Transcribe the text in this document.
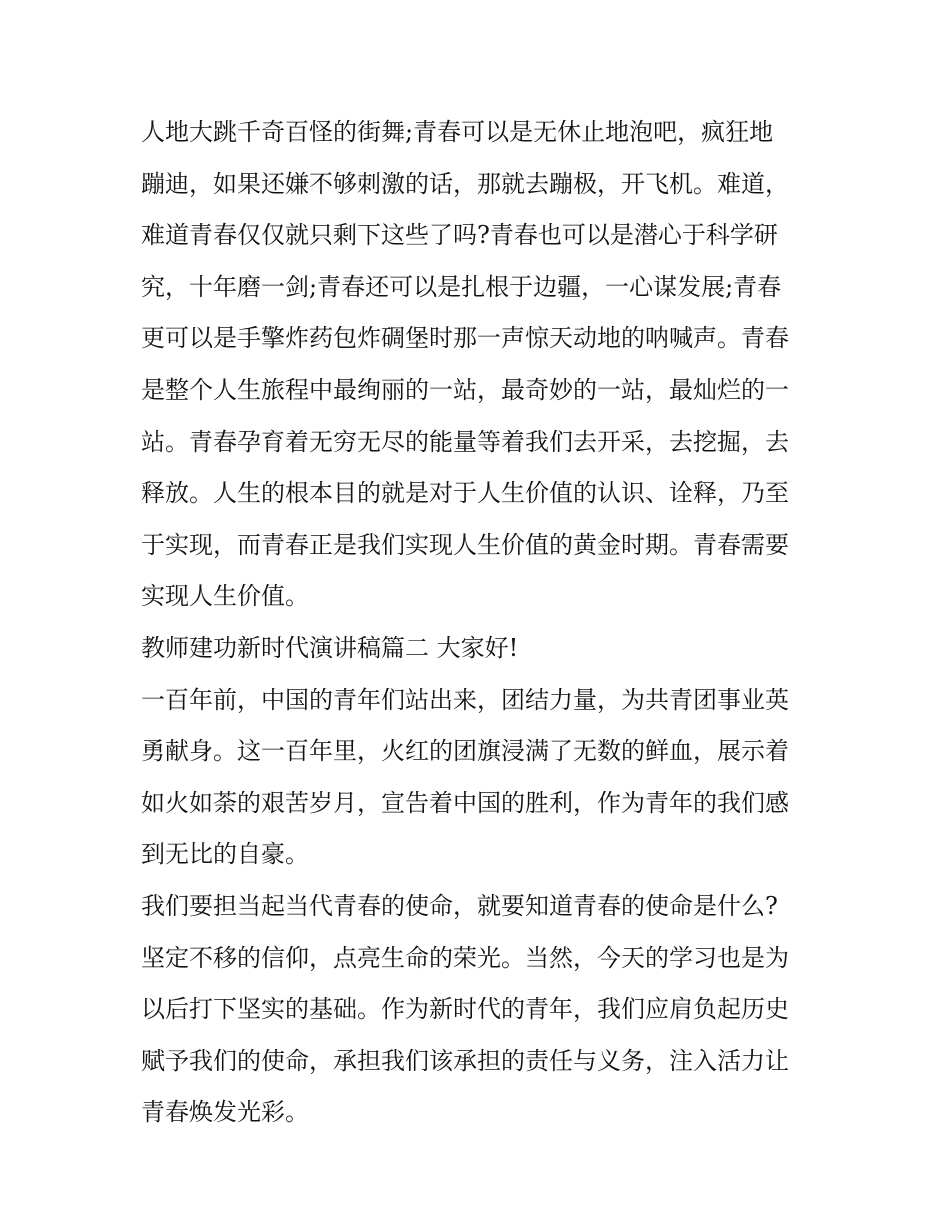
人地大跳千奇百怪的街舞;青春可以是无休止地泡吧，疯狂地
蹦迪，如果还嫌不够刺激的话，那就去蹦极，开飞机。难道，
难道青春仅仅就只剩下这些了吗?青春也可以是潜心于科学研
究，十年磨一剑;青春还可以是扎根于边疆，一心谋发展;青春
更可以是手擎炸药包炸碉堡时那一声惊天动地的呐喊声。青春
是整个人生旅程中最绚丽的一站，最奇妙的一站，最灿烂的一
站。青春孕育着无穷无尽的能量等着我们去开采，去挖掘，去
释放。人生的根本目的就是对于人生价值的认识、诠释，乃至
于实现，而青春正是我们实现人生价值的黄金时期。青春需要
实现人生价值。
教师建功新时代演讲稿篇二 大家好!
一百年前，中国的青年们站出来，团结力量，为共青团事业英
勇献身。这一百年里，火红的团旗浸满了无数的鲜血，展示着
如火如荼的艰苦岁月，宣告着中国的胜利，作为青年的我们感
到无比的自豪。
我们要担当起当代青春的使命，就要知道青春的使命是什么?
坚定不移的信仰，点亮生命的荣光。当然，今天的学习也是为
以后打下坚实的基础。作为新时代的青年，我们应肩负起历史
赋予我们的使命，承担我们该承担的责任与义务，注入活力让
青春焕发光彩。
